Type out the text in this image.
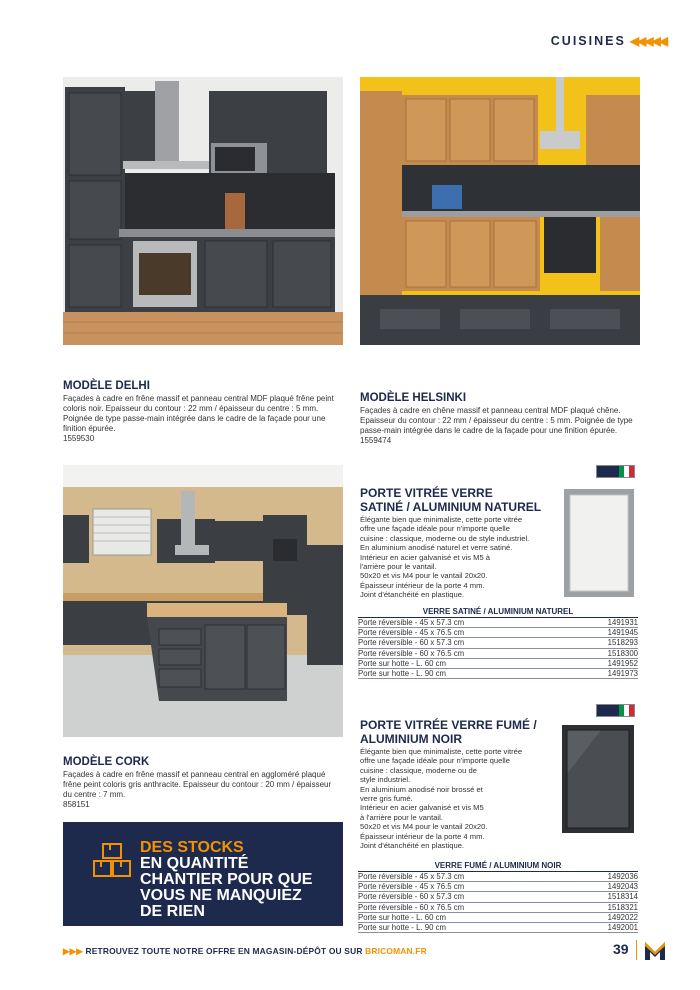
CUISINES ◀
◀
◀
◀
◀
MODÈLE DELHI
Façades à cadre en frêne massif et panneau central MDF plaqué frêne peint
coloris noir. Epaisseur du contour : 22 mm / épaisseur du centre : 5 mm.
Poignée de type passe-main intégrée dans le cadre de la façade pour une
finition épurée.
1559530
MODÈLE HELSINKI
Façades à cadre en chêne massif et panneau central MDF plaqué chêne.
Epaisseur du contour : 22 mm / épaisseur du centre : 5 mm. Poignée de type
passe-main intégrée dans le cadre de la façade pour une finition épurée.
1559474
MODÈLE CORK
Façades à cadre en frêne massif et panneau central en aggloméré plaqué
frêne peint coloris gris anthracite. Epaisseur du contour : 20 mm / épaisseur
du centre : 7 mm.
858151
DES STOCKS
EN QUANTITÉ
CHANTIER POUR QUE
VOUS NE MANQUIEZ
DE RIEN
PORTE VITRÉE VERRE
SATINÉ / ALUMINIUM NATUREL
Élégante bien que minimaliste, cette porte vitrée
offre une façade idéale pour n'importe quelle
cuisine : classique, moderne ou de style industriel.
En aluminium anodisé naturel et verre satiné.
Intérieur en acier galvanisé et vis M5 à
l'arrière pour le vantail.
50x20 et vis M4 pour le vantail 20x20.
Épaisseur intérieur de la porte 4 mm.
Joint d'étanchéité en plastique.
VERRE SATINÉ / ALUMINIUM NATUREL
Porte réversible - 45 x 57.3 cm	1491931
Porte réversible - 45 x 76.5 cm	1491945
Porte réversible - 60 x 57.3 cm	1518293
Porte réversible - 60 x 76.5 cm	1518300
Porte sur hotte - L. 60 cm	1491952
Porte sur hotte - L. 90 cm	1491973
PORTE VITRÉE VERRE FUMÉ /
ALUMINIUM NOIR
Élégante bien que minimaliste, cette porte vitrée
offre une façade idéale pour n'importe quelle
cuisine : classique, moderne ou de
style industriel.
En aluminium anodisé noir brossé et
verre gris fumé.
Intérieur en acier galvanisé et vis M5
à l'arrière pour le vantail.
50x20 et vis M4 pour le vantail 20x20.
Épaisseur intérieur de la porte 4 mm.
Joint d'étanchéité en plastique.
VERRE FUMÉ / ALUMINIUM NOIR
Porte réversible - 45 x 57.3 cm	1492036
Porte réversible - 45 x 76.5 cm	1492043
Porte réversible - 60 x 57.3 cm	1518314
Porte réversible - 60 x 76.5 cm	1518321
Porte sur hotte - L. 60 cm	1492022
Porte sur hotte - L. 90 cm	1492001
▶▶▶ RETROUVEZ TOUTE NOTRE OFFRE EN MAGASIN-DÉPÔT OU SUR BRICOMAN.FR	39
